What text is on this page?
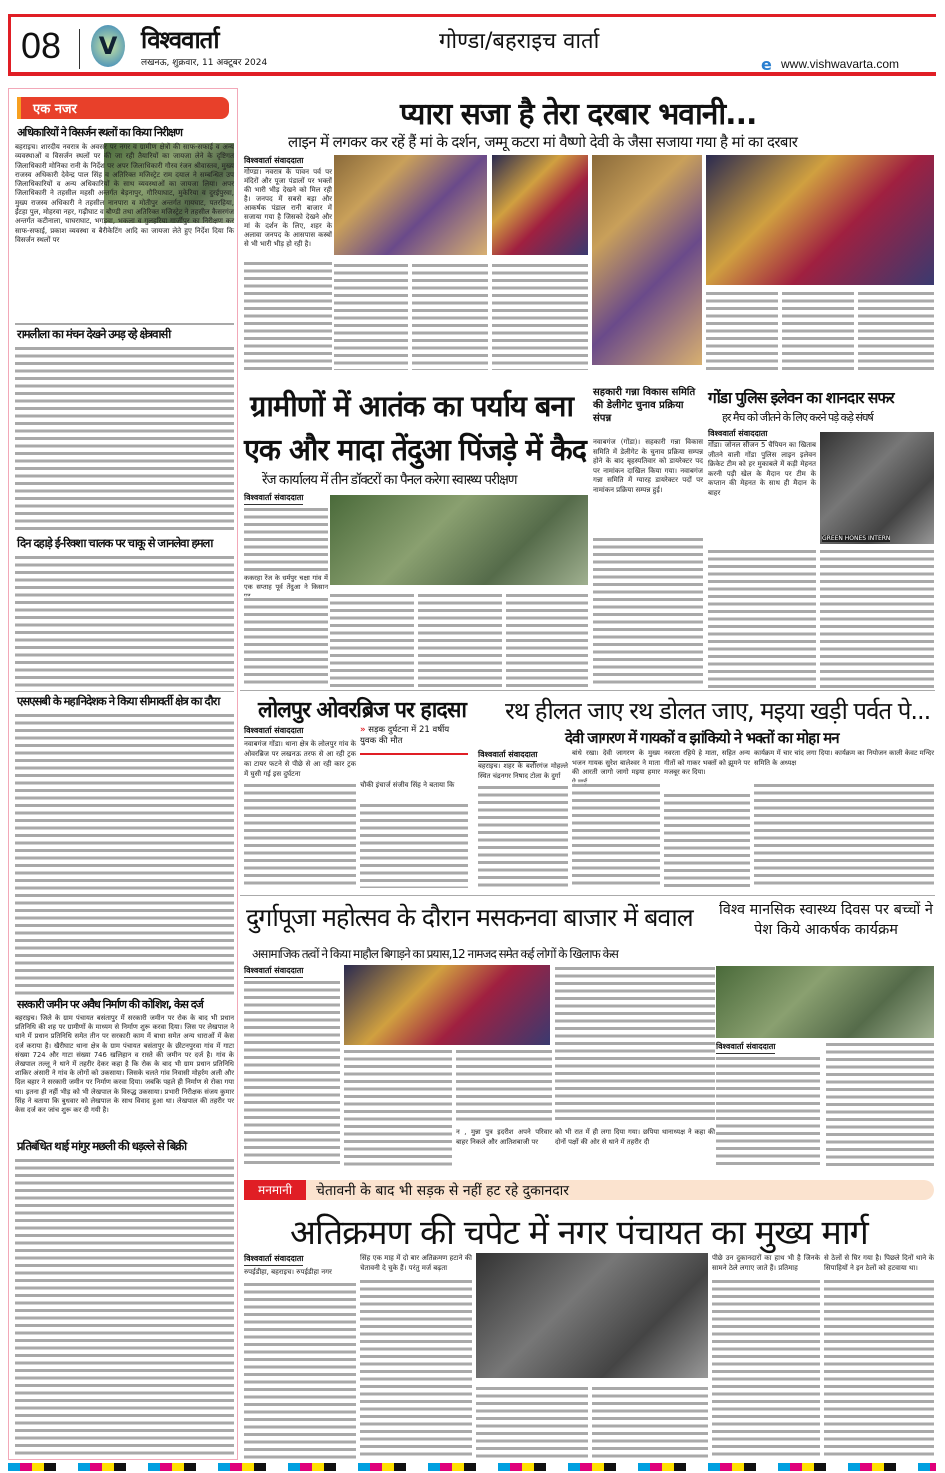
08	V विश्ववार्ता
लखनऊ, शुक्रवार, 11 अक्टूबर 2024
गोण्डा/बहराइच वार्ता
e www.vishwavarta.com
एक नजर
अधिकारियों ने विसर्जन स्थलों का किया निरीक्षण
बहराइच। शारदीय नवरात्र के अवसर पर नगर व ग्रामीण क्षेत्रों की साफ-सफाई व अन्य व्यवस्थाओं व विसर्जन स्थलों पर की जा रही तैयारियों का जायजा लेने के दृष्टिगत जिलाधिकारी मोनिका रानी के निर्देश पर अपर जिलाधिकारी गौरव रंजन श्रीवास्तव, मुख्य राजस्व अधिकारी देवेन्द्र पाल सिंह व अतिरिक्त मजिस्ट्रेट राम दयाल ने सम्बन्धित उप जिलाधिकारियों व अन्य अधिकारियों के साथ व्यवस्थाओं का जायजा लिया। अपर जिलाधिकारी ने तहसील महसी अन्तर्गत बेड़नापुर, गौरियाघाट, मुकेरिया व दुरईपुरवा, मुख्य राजस्व अधिकारी ने तहसील नानपारा व मोतीपुर अन्तर्गत गायघाट, पतरहिया, ईंटहा पुल, मोहरवा नहर, गढ़ीघाट व बौण्डी तथा अतिरिक्त मजिस्ट्रेट ने तहसील कैसरगंज अन्तर्गत कटीनाला, घाघराघाट, भगड़वा, भकला व गुलहरिया गार्जीपुर का निरीक्षण कर साफ-सफाई, प्रकाश व्यवस्था व बैरीकेटिंग आदि का जायजा लेते हुए निर्देश दिया कि विसर्जन स्थलों पर
रामलीला का मंचन देखने उमड़ रहे क्षेत्रवासी
दिन दहाड़े ई-रिक्शा चालक पर चाकू से जानलेवा हमला
एसएसबी के महानिदेशक ने किया सीमावर्ती क्षेत्र का दौरा
सरकारी जमीन पर अवैध निर्माण की कोशिश, केस दर्ज
बहराइच। जिले के ग्राम पंचायत बसंतापुर में सरकारी जमीन पर रोक के बाद भी प्रधान प्रतिनिधि की शह पर ग्रामीणों के माध्यम से निर्माण शुरू करवा दिया। जिस पर लेखपाल ने थाने में प्रधान प्रतिनिधि समेत तीन पर सरकारी काम में बाधा समेत अन्य धाराओं में केस दर्ज कराया है। खैरीघाट थाना क्षेत्र के ग्राम पंचायत बसंतापुर के छीटनपुरवा गांव में गाटा संख्या 724 और गाटा संख्या 746 खलिहान व रास्ते की जमीन पर दर्ज है। गांव के लेखपाल तल्लू ने थाने में तहरीर देकर कहा है कि रोक के बाद भी ग्राम प्रधान प्रतिनिधि शाकिर अंसारी ने गांव के लोगों को उकसाया। जिसके चलते गांव निवासी मोहर्रम अली और दिल बहार ने सरकारी जमीन पर निर्माण करवा दिया। जबकि पहले ही निर्माण से रोका गया था। इतना ही नहीं भीड़ को भी लेखपाल के विरुद्ध उकसाया। प्रभारी निरीक्षक संजय कुमार सिंह ने बताया कि बुधवार को लेखपाल के साथ विवाद हुआ था। लेखपाल की तहरीर पर केस दर्ज कर जांच शुरू कर दी गयी है।
प्रतिबंधित थाई मांगुर मछली की धड़ल्ले से बिक्री
प्यारा सजा है तेरा दरबार भवानी...
लाइन में लगकर कर रहें हैं मां के दर्शन, जम्मू कटरा मां वैष्णो देवी के जैसा सजाया गया है मां का दरबार
विश्ववार्ता संवाददाता
गोण्डा। नवरात्र के पावन पर्व पर मंदिरों और पूजा पंडालों पर भक्तों की भारी भीड़ देखने को मिल रही है। जनपद में सबसे बड़ा और आकर्षक पंडाल रानी बाजार में सजाया गया है जिसको देखने और मां के दर्शन के लिए, शहर के अलावा जनपद के आसपास कस्बों से भी भारी भीड़ हो रही है।
ग्रामीणों में आतंक का पर्याय बना
एक और मादा तेंदुआ पिंजड़े में कैद
रेंज कार्यालय में तीन डॉक्टरों का पैनल करेगा स्वास्थ्य परीक्षण
विश्ववार्ता संवाददाता
ककरहा रेंज के धर्मपुर चक्षा गांव में एक सप्ताह पूर्व तेंदुआ ने किसान
सहकारी गन्ना विकास समिति की डेलीगेट चुनाव प्रक्रिया संपन्न
नवाबगंज (गोंडा)। सहकारी गन्ना विकास समिति में डेलीगेट के चुनाव प्रक्रिया सम्पन्न होने के बाद बृहस्पतिवार को डायरेक्टर पद पर नामांकन दाखिल किया गया। नवाबगंज गन्ना समिति में ग्यारह डायरेक्टर पदों पर नामांकन प्रक्रिया सम्पन्न हुई।
गोंडा पुलिस इलेवन का शानदार सफर
हर मैच को जीतने के लिए करने पड़े कड़े संघर्ष
विश्ववार्ता संवाददाता
गोंडा। जोनल सीजन 5 चैंपियन का खिताब जीतने वाली गोंडा पुलिस लाइन इलेवन क्रिकेट टीम को हर मुकाबले में कड़ी मेहनत करनी पड़ी खेल के मैदान पर टीम के कप्तान की मेहनत के साथ ही मैदान के बाहर
GREEN HONES INTERN
लोलपुर ओवरब्रिज पर हादसा
विश्ववार्ता संवाददाता
नवाबगंज गोंडा। थाना क्षेत्र के लोलपुर गांव के ओवरब्रिज पर लखनऊ तरफ से आ रही ट्रक का टायर फटने से पीछे से आ रही कार ट्रक में घुसी गई इस दुर्घटना
» सड़क दुर्घटना में 21 वर्षीय युवक की मौत
चौकी इंचार्ज संजीव सिंह ने बताया कि
रथ हीलत जाए रथ डोलत जाए, मइया खड़ी पर्वत पे...
देवी जागरण में गायकों व झांकियो ने भक्तों का मोहा मन
विश्ववार्ता संवाददाता
बहराइच। शहर के बशीरगंज मोहल्ले स्थित चंद्रनगर निषाद टोला के दुर्गा
बांधे रखा। देवी जागरण के मुख्य भजन गायक सुरेश बालेश्वर ने माता की आरती जागो जागो मइया हमार
नवरता रहिये हे माता, सहित अन्य गीतों को गाकर भक्तों को झूमने पर मजबूर कर दिया।
कार्यक्रम में चार चांद लगा दिया। कार्यक्रम का नियोजन काली केवट मन्दिर समिति के अध्यक्ष
दुर्गापूजा महोत्सव के दौरान मसकनवा बाजार में बवाल
असामाजिक तत्वों ने किया माहौल बिगाड़ने का प्रयास,12 नामजद समेत कई लोगों के खिलाफ केस
विश्ववार्ता संवाददाता
न , मुन्ना पुत्र इदरीश अपने परिवार बाहर निकले और आतिशबाजी पर
को भी रात में ही लगा दिया गया। छपिया थानाध्यक्ष ने कहा की दोनों पक्षों की ओर से थाने में तहरीर दी
विश्व मानसिक स्वास्थ्य दिवस पर बच्चों ने पेश किये आकर्षक कार्यक्रम
विश्ववार्ता संवाददाता
मनमानी	चेतावनी के बाद भी सड़क से नहीं हट रहे दुकानदार
अतिक्रमण की चपेट में नगर पंचायत का मुख्य मार्ग
विश्ववार्ता संवाददाता
रुपईडीहा, बहराइच। रुपईडीहा नगर
सिंह एक माह में दो बार अतिक्रमण हटाने की चेतावनी दे चुके हैं। परंतु मर्ज बढ़ता
पीछे उन दुकानदारों का हाथ भी है जिनके सामने ठेले लगाए जाते हैं। प्रतिमाह
से ठेलों से घिर गया है। पिछले दिनों थाने के सिपाहियों ने इन ठेलों को हटवाया था।
